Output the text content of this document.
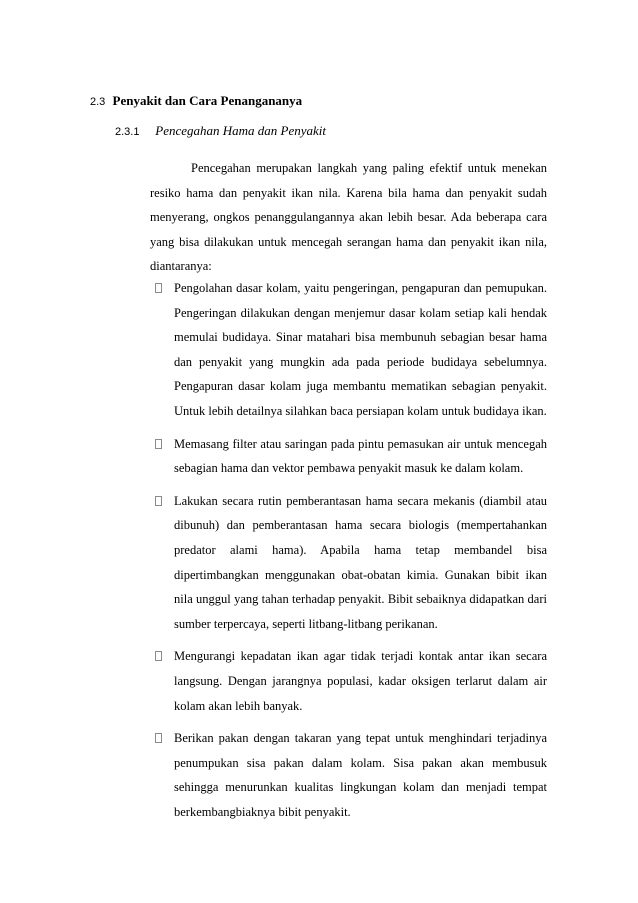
2.3 Penyakit dan Cara Penangananya
2.3.1 Pencegahan Hama dan Penyakit

Pencegahan merupakan langkah yang paling efektif untuk menekan resiko hama dan penyakit ikan nila. Karena bila hama dan penyakit sudah menyerang, ongkos penanggulangannya akan lebih besar. Ada beberapa cara yang bisa dilakukan untuk mencegah serangan hama dan penyakit ikan nila, diantaranya:

Pengolahan dasar kolam, yaitu pengeringan, pengapuran dan pemupukan. Pengeringan dilakukan dengan menjemur dasar kolam setiap kali hendak memulai budidaya. Sinar matahari bisa membunuh sebagian besar hama dan penyakit yang mungkin ada pada periode budidaya sebelumnya. Pengapuran dasar kolam juga membantu mematikan sebagian penyakit. Untuk lebih detailnya silahkan baca persiapan kolam untuk budidaya ikan.
Memasang filter atau saringan pada pintu pemasukan air untuk mencegah sebagian hama dan vektor pembawa penyakit masuk ke dalam kolam.
Lakukan secara rutin pemberantasan hama secara mekanis (diambil atau dibunuh) dan pemberantasan hama secara biologis (mempertahankan predator alami hama). Apabila hama tetap membandel bisa dipertimbangkan menggunakan obat-obatan kimia. Gunakan bibit ikan nila unggul yang tahan terhadap penyakit. Bibit sebaiknya didapatkan dari sumber terpercaya, seperti litbang-litbang perikanan.
Mengurangi kepadatan ikan agar tidak terjadi kontak antar ikan secara langsung. Dengan jarangnya populasi, kadar oksigen terlarut dalam air kolam akan lebih banyak.
Berikan pakan dengan takaran yang tepat untuk menghindari terjadinya penumpukan sisa pakan dalam kolam. Sisa pakan akan membusuk sehingga menurunkan kualitas lingkungan kolam dan menjadi tempat berkembangbiaknya bibit penyakit.
